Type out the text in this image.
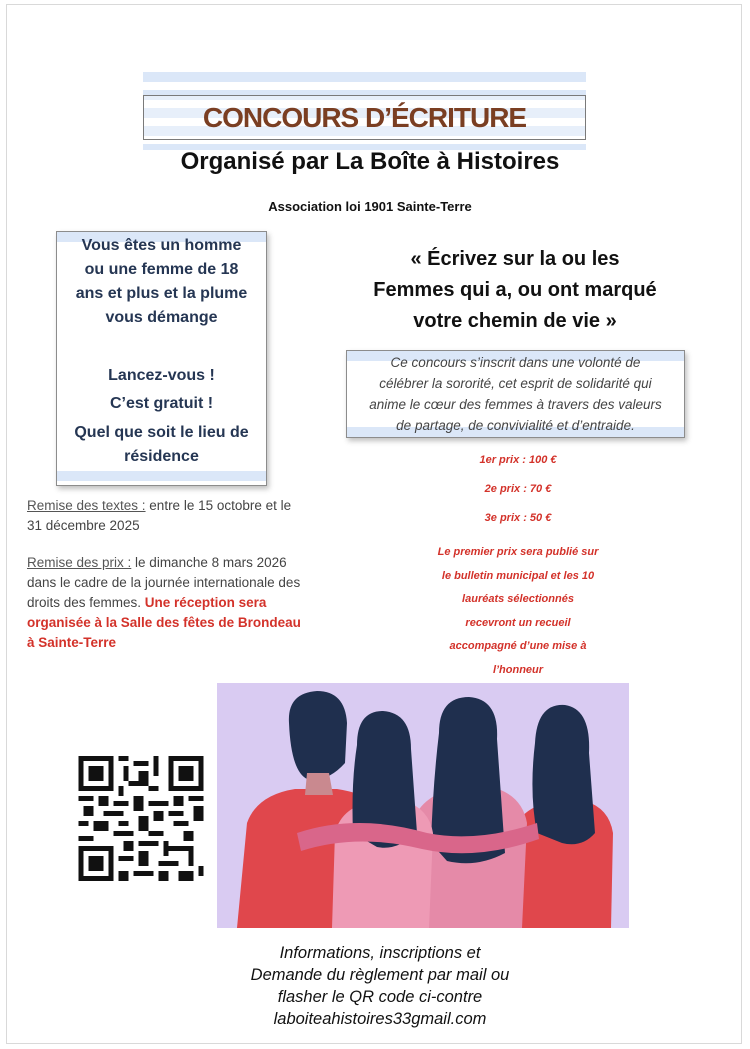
CONCOURS D’ÉCRITURE
Organisé par La Boîte à Histoires
Association loi 1901 Sainte-Terre
Vous êtes un homme
ou une femme de 18
ans et plus et la plume
vous démange
Lancez-vous !
C’est gratuit !
Quel que soit le lieu de
résidence
« Écrivez sur la ou les
Femmes qui a, ou ont marqué
votre chemin de vie »
Ce concours s’inscrit dans une volonté de
célébrer la sororité, cet esprit de solidarité qui
anime le cœur des femmes à travers des valeurs
de partage, de convivialité et d’entraide.
1er prix : 100 €
2e prix : 70 €
3e prix : 50 €
Le premier prix sera publié sur
le bulletin municipal et les 10
lauréats sélectionnés
recevront un recueil
accompagné d’une mise à
l’honneur
Remise des textes : entre le 15 octobre et le
31 décembre 2025
Remise des prix : le dimanche 8 mars 2026
dans le cadre de la journée internationale des
droits des femmes. Une réception sera
organisée à la Salle des fêtes de Brondeau
à Sainte-Terre
Informations, inscriptions et
Demande du règlement par mail ou
flasher le QR code ci-contre
laboiteahistoires33gmail.com
